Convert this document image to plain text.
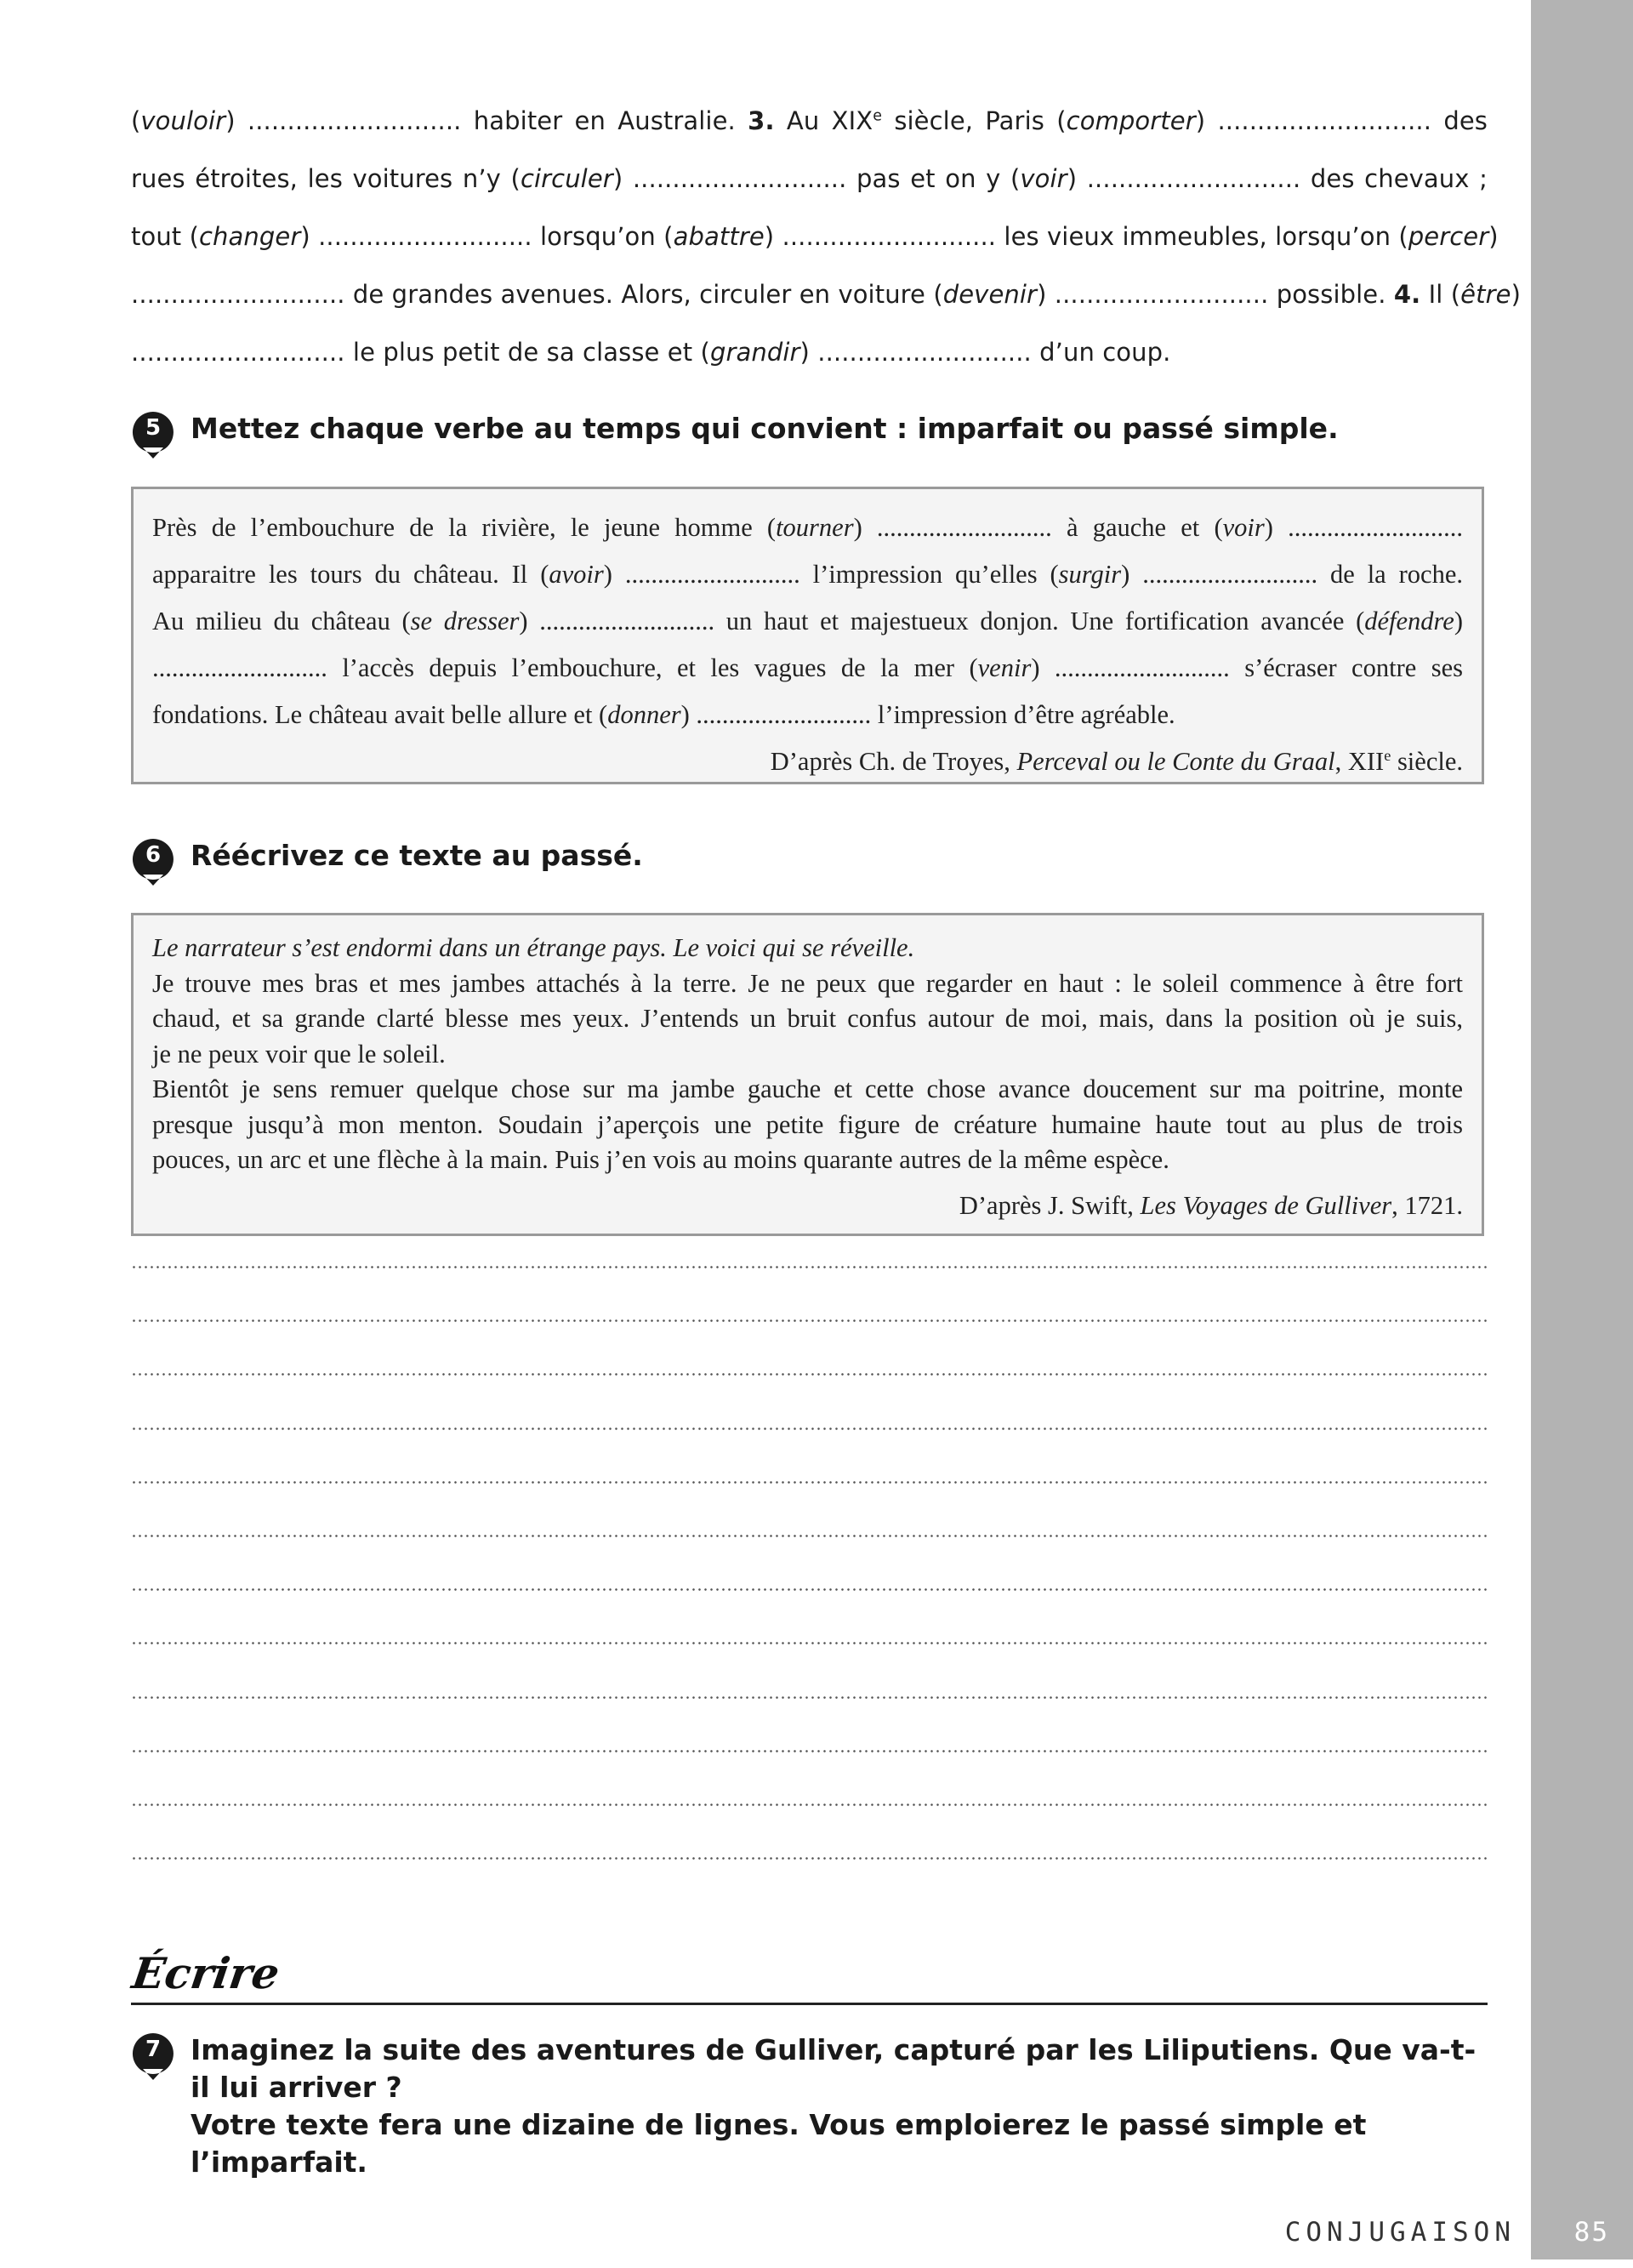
(vouloir) ........................... habiter en Australie. 3. Au XIXe siècle, Paris (comporter) ........................... des
rues étroites, les voitures n’y (circuler) ........................... pas et on y (voir) ........................... des chevaux ;
tout (changer) ........................... lorsqu’on (abattre) ........................... les vieux immeubles, lorsqu’on (percer)
........................... de grandes avenues. Alors, circuler en voiture (devenir) ........................... possible. 4. Il (être)
........................... le plus petit de sa classe et (grandir) ........................... d’un coup.
5	Mettez chaque verbe au temps qui convient : imparfait ou passé simple.
Près de l’embouchure de la rivière, le jeune homme (tourner) ........................... à gauche et (voir) ...........................
apparaitre les tours du château. Il (avoir) ........................... l’impression qu’elles (surgir) ........................... de la roche.
Au milieu du château (se dresser) ........................... un haut et majestueux donjon. Une fortification avancée (défendre)
........................... l’accès depuis l’embouchure, et les vagues de la mer (venir) ........................... s’écraser contre ses
fondations. Le château avait belle allure et (donner) ........................... l’impression d’être agréable.
D’après Ch. de Troyes, Perceval ou le Conte du Graal, XIIe siècle.
6	Réécrivez ce texte au passé.
Le narrateur s’est endormi dans un étrange pays. Le voici qui se réveille.
Je trouve mes bras et mes jambes attachés à la terre. Je ne peux que regarder en haut : le soleil commence à être fort
chaud, et sa grande clarté blesse mes yeux. J’entends un bruit confus autour de moi, mais, dans la position où je suis,
je ne peux voir que le soleil.
Bientôt je sens remuer quelque chose sur ma jambe gauche et cette chose avance doucement sur ma poitrine, monte
presque jusqu’à mon menton. Soudain j’aperçois une petite figure de créature humaine haute tout au plus de trois
pouces, un arc et une flèche à la main. Puis j’en vois au moins quarante autres de la même espèce.
D’après J. Swift, Les Voyages de Gulliver, 1721.
Écrire
7	Imaginez la suite des aventures de Gulliver, capturé par les Liliputiens. Que va-t-il lui arriver ?
Votre texte fera une dizaine de lignes. Vous emploierez le passé simple et l’imparfait.
CONJUGAISON 85
